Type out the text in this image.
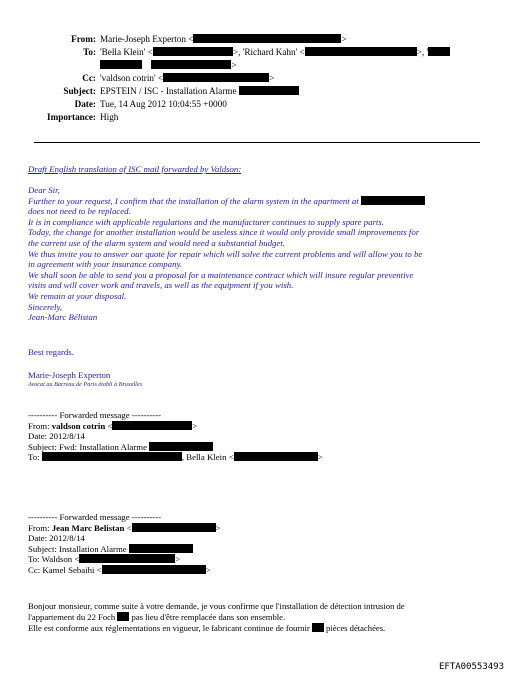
From: Marie-Joseph Experton <	>
To: 'Bella Klein' <	>, 'Richard Kahn' <	>, '
>
Cc: 'valdson cotrin' <	>
Subject: EPSTEIN / ISC - Installation Alarme
Date: Tue, 14 Aug 2012 10:04:55 +0000
Importance: High
Draft English translation of ISC mail forwarded by Valdson:
Dear Sir,
Further to your request, I confirm that the installation of the alarm system in the apartment at
does not need to be replaced.
It is in compliance with applicable regulations and the manufacturer continues to supply spare parts.
Today, the change for another installation would be useless since it would only provide small improvements for
the current use of the alarm system and would need a substantial budget.
We thus invite you to answer our quote for repair which will solve the current problems and will allow you to be
in agreement with your insurance company.
We shall soon be able to send you a proposal for a maintenance contract which will insure regular preventive
visits and will cover work and travels, as well as the equipment if you wish.
We remain at your disposal.
Sincerely,
Jean-Marc Bélistan
Best regards.
Marie-Joseph Experton
Avocat au Barreau de Paris établi à Bruxelles
---------- Forwarded message ----------
From: valdson cotrin <	>
Date: 2012/8/14
Subject: Fwd: Installation Alarme
To:	, Bella Klein <	>
---------- Forwarded message ----------
From: Jean Marc Belistan <	>
Date: 2012/8/14
Subject: Installation Alarme
To: Waldson <	>
Cc: Kamel Sebaihi <	>
Bonjour monsieur, comme suite à votre demande, je vous confirme que l'installation de détection intrusion de
l'appartement du 22 Foch pas lieu d'être remplacée dans son ensemble.
Elle est conforme aux réglementations en vigueur, le fabricant continue de fournir pièces détachées.
EFTA00553493
